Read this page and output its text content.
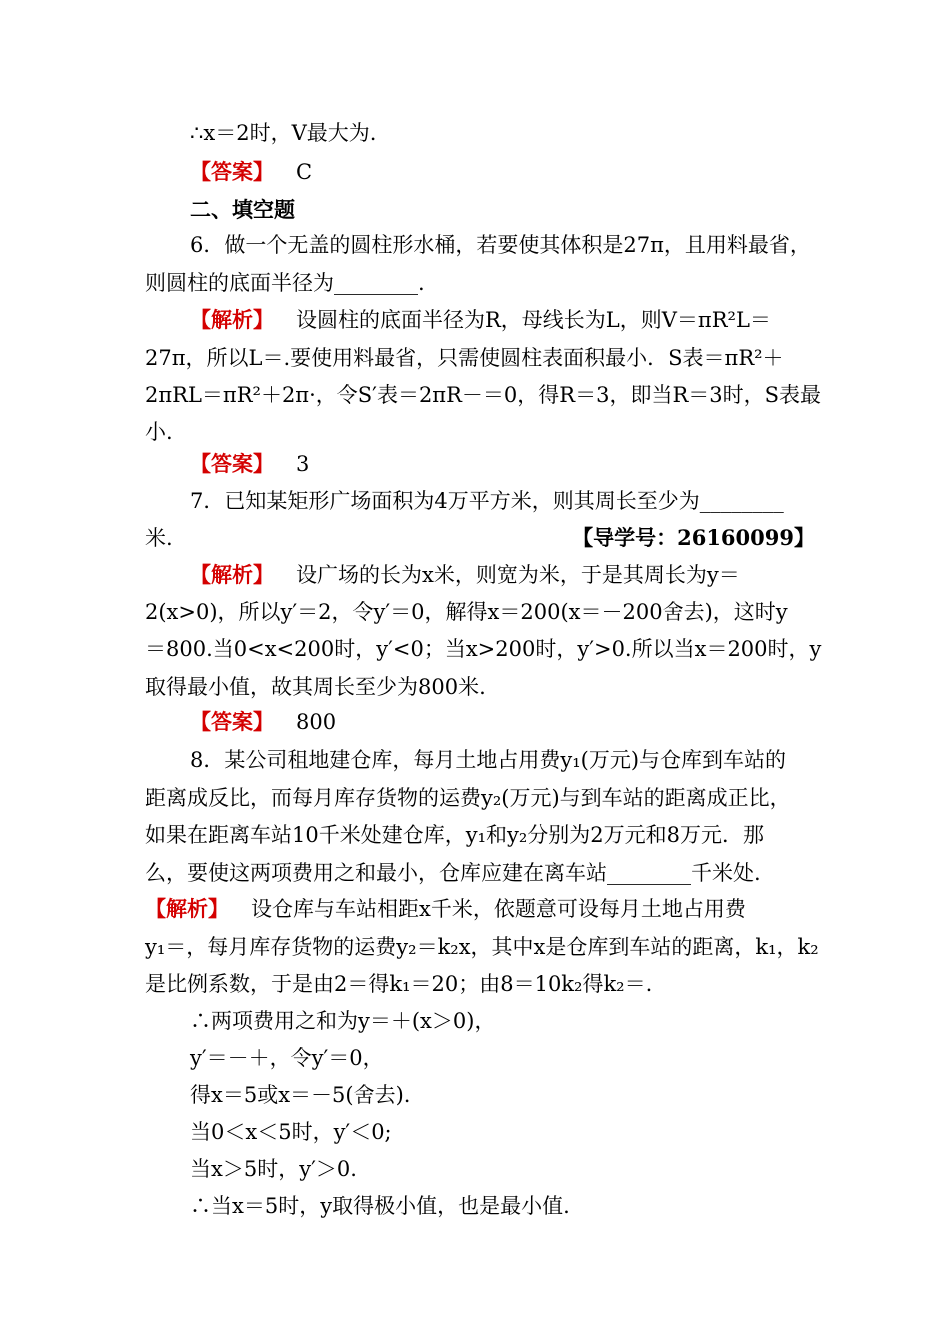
∴x＝2时，V最大为.
【答案】 C
二、填空题
6．做一个无盖的圆柱形水桶，若要使其体积是27π，且用料最省，
则圆柱的底面半径为________.
【解析】 设圆柱的底面半径为R，母线长为L，则V＝πR²L＝
27π，所以L＝.要使用料最省，只需使圆柱表面积最小．S表＝πR²＋
2πRL＝πR²＋2π·，令S′表＝2πR－＝0，得R＝3，即当R＝3时，S表最
小.
【答案】 3
7．已知某矩形广场面积为4万平方米，则其周长至少为________
米.	【导学号：26160099】
【解析】 设广场的长为x米，则宽为米，于是其周长为y＝
2(x>0)，所以y′＝2，令y′＝0，解得x＝200(x＝－200舍去)，这时y
＝800.当0<x<200时，y′<0；当x>200时，y′>0.所以当x＝200时，y
取得最小值，故其周长至少为800米.
【答案】 800
8．某公司租地建仓库，每月土地占用费y₁(万元)与仓库到车站的
距离成反比，而每月库存货物的运费y₂(万元)与到车站的距离成正比，
如果在距离车站10千米处建仓库，y₁和y₂分别为2万元和8万元．那
么，要使这两项费用之和最小，仓库应建在离车站________千米处.
【解析】 设仓库与车站相距x千米，依题意可设每月土地占用费
y₁＝，每月库存货物的运费y₂＝k₂x，其中x是仓库到车站的距离，k₁，k₂
是比例系数，于是由2＝得k₁＝20；由8＝10k₂得k₂＝.
∴两项费用之和为y＝＋(x＞0)，
y′＝－＋，令y′＝0，
得x＝5或x＝－5(舍去).
当0＜x＜5时，y′＜0;
当x＞5时，y′＞0.
∴当x＝5时，y取得极小值，也是最小值.
